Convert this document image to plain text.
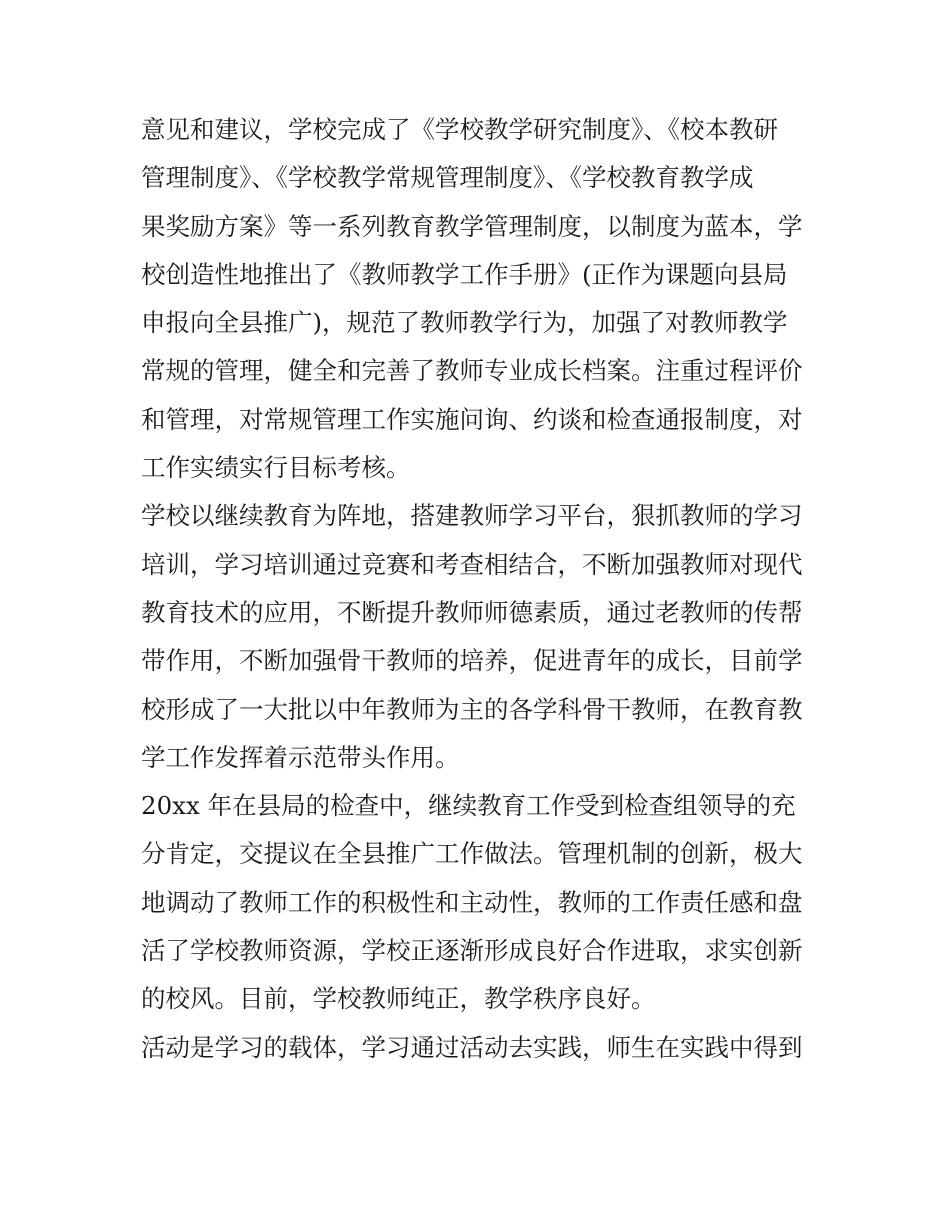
意见和建议，学校完成了《学校教学研究制度》、《校本教研
管理制度》、《学校教学常规管理制度》、《学校教育教学成
果奖励方案》等一系列教育教学管理制度，以制度为蓝本，学
校创造性地推出了《教师教学工作手册》(正作为课题向县局
申报向全县推广)，规范了教师教学行为，加强了对教师教学
常规的管理，健全和完善了教师专业成长档案。注重过程评价
和管理，对常规管理工作实施问询、约谈和检查通报制度，对
工作实绩实行目标考核。
学校以继续教育为阵地，搭建教师学习平台，狠抓教师的学习
培训，学习培训通过竞赛和考查相结合，不断加强教师对现代
教育技术的应用，不断提升教师师德素质，通过老教师的传帮
带作用，不断加强骨干教师的培养，促进青年的成长，目前学
校形成了一大批以中年教师为主的各学科骨干教师，在教育教
学工作发挥着示范带头作用。
20xx 年在县局的检查中，继续教育工作受到检查组领导的充
分肯定，交提议在全县推广工作做法。管理机制的创新，极大
地调动了教师工作的积极性和主动性，教师的工作责任感和盘
活了学校教师资源，学校正逐渐形成良好合作进取，求实创新
的校风。目前，学校教师纯正，教学秩序良好。
活动是学习的载体，学习通过活动去实践，师生在实践中得到
